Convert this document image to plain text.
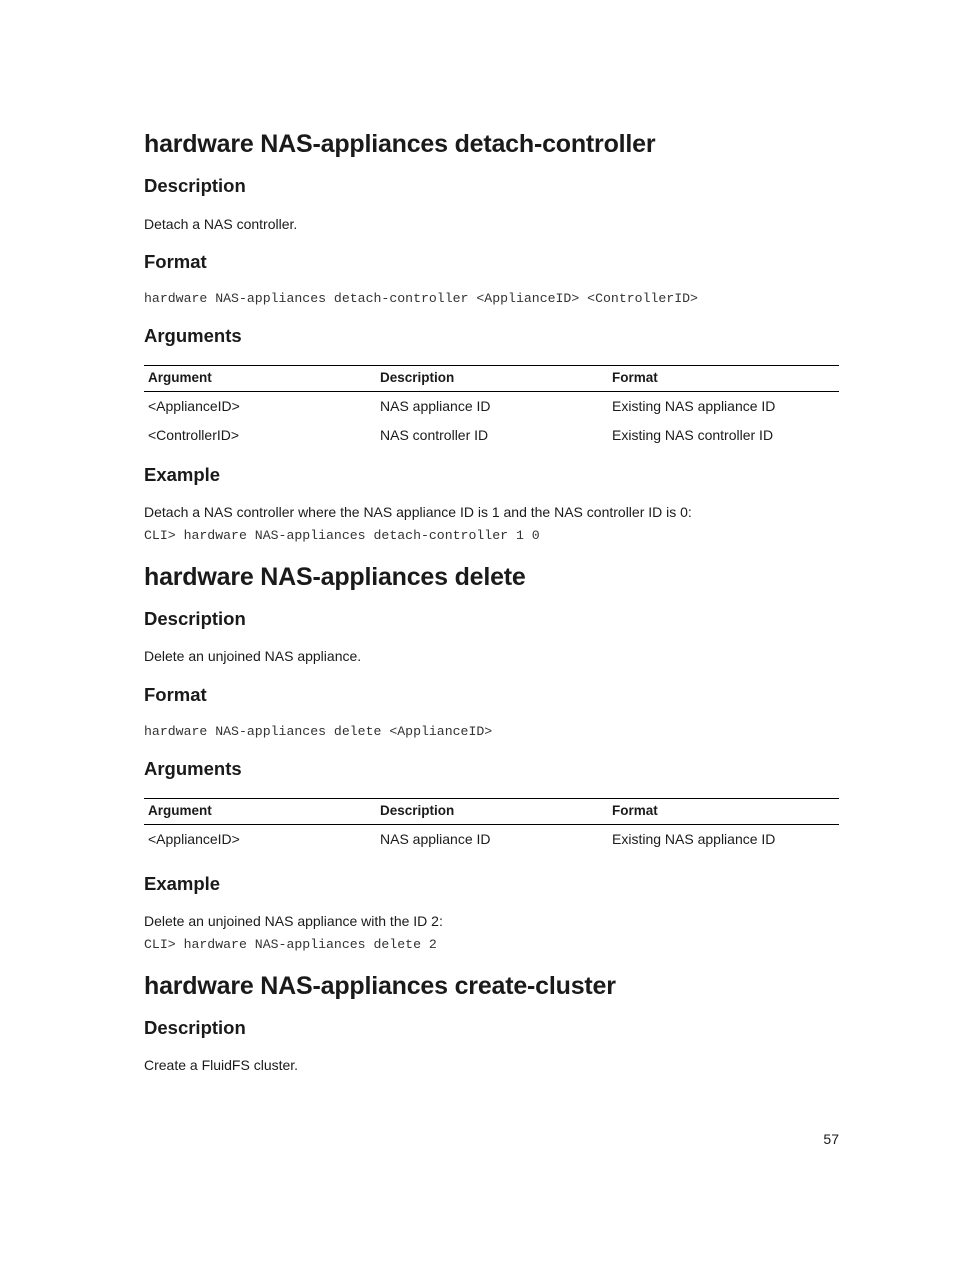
hardware NAS-appliances detach-controller
Description

Detach a NAS controller.

Format
hardware NAS-appliances detach-controller <ApplianceID> <ControllerID>
Arguments
Argument	Description	Format
<ApplianceID>	NAS appliance ID	Existing NAS appliance ID
<ControllerID>	NAS controller ID	Existing NAS controller ID
Example

Detach a NAS controller where the NAS appliance ID is 1 and the NAS controller ID is 0:

CLI> hardware NAS-appliances detach-controller 1 0
hardware NAS-appliances delete
Description

Delete an unjoined NAS appliance.

Format
hardware NAS-appliances delete <ApplianceID>
Arguments
Argument	Description	Format
<ApplianceID>	NAS appliance ID	Existing NAS appliance ID
Example

Delete an unjoined NAS appliance with the ID 2:

CLI> hardware NAS-appliances delete 2
hardware NAS-appliances create-cluster
Description

Create a FluidFS cluster.

57
